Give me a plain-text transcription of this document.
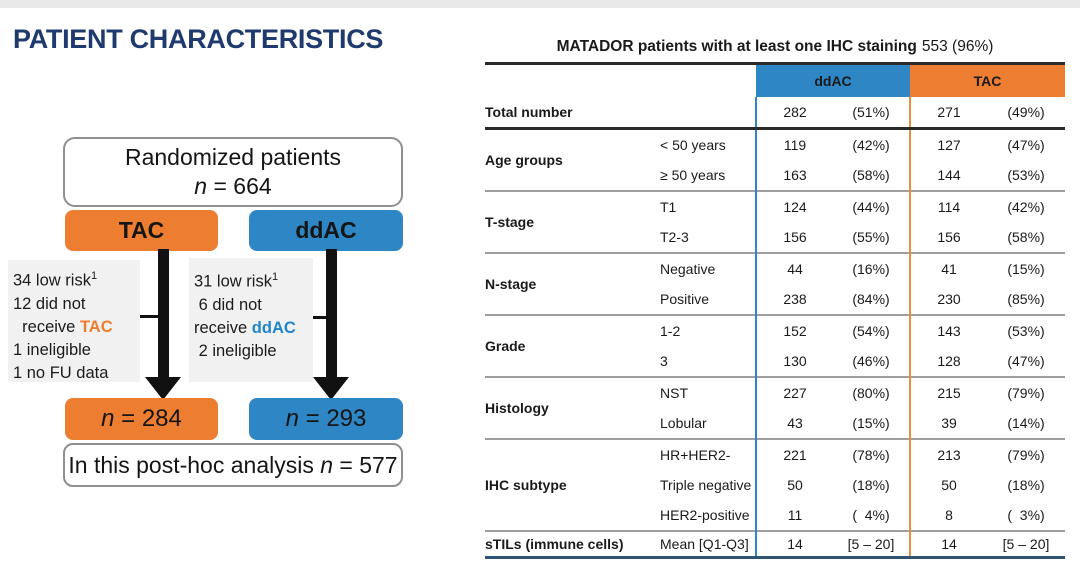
PATIENT CHARACTERISTICS
Randomized patients
n = 664
TAC	ddAC
34 low risk$^1$
12 did not
receive TAC
1 ineligible
1 no FU data
31 low risk$^1$
6 did not
receive ddAC
2 ineligible
n = 284	n = 293
In this post-hoc analysis n = 577
MATADOR patients with at least one IHC staining 553 (96%)
		ddAC		TAC	
Total number		282	(51%)	271	(49%)
Age groups	< 50 years	119	(42%)	127	(47%)
	≥ 50 years	163	(58%)	144	(53%)
T-stage	T1	124	(44%)	114	(42%)
	T2-3	156	(55%)	156	(58%)
N-stage	Negative	44	(16%)	41	(15%)
	Positive	238	(84%)	230	(85%)
Grade	1-2	152	(54%)	143	(53%)
	3	130	(46%)	128	(47%)
Histology	NST	227	(80%)	215	(79%)
	Lobular	43	(15%)	39	(14%)
IHC subtype	HR+HER2-	221	(78%)	213	(79%)
	Triple negative	50	(18%)	50	(18%)
	HER2-positive	11	(  4%)	8	(  3%)
sTILs (immune cells)	Mean [Q1-Q3]	14	[5 – 20]	14	[5 – 20]
